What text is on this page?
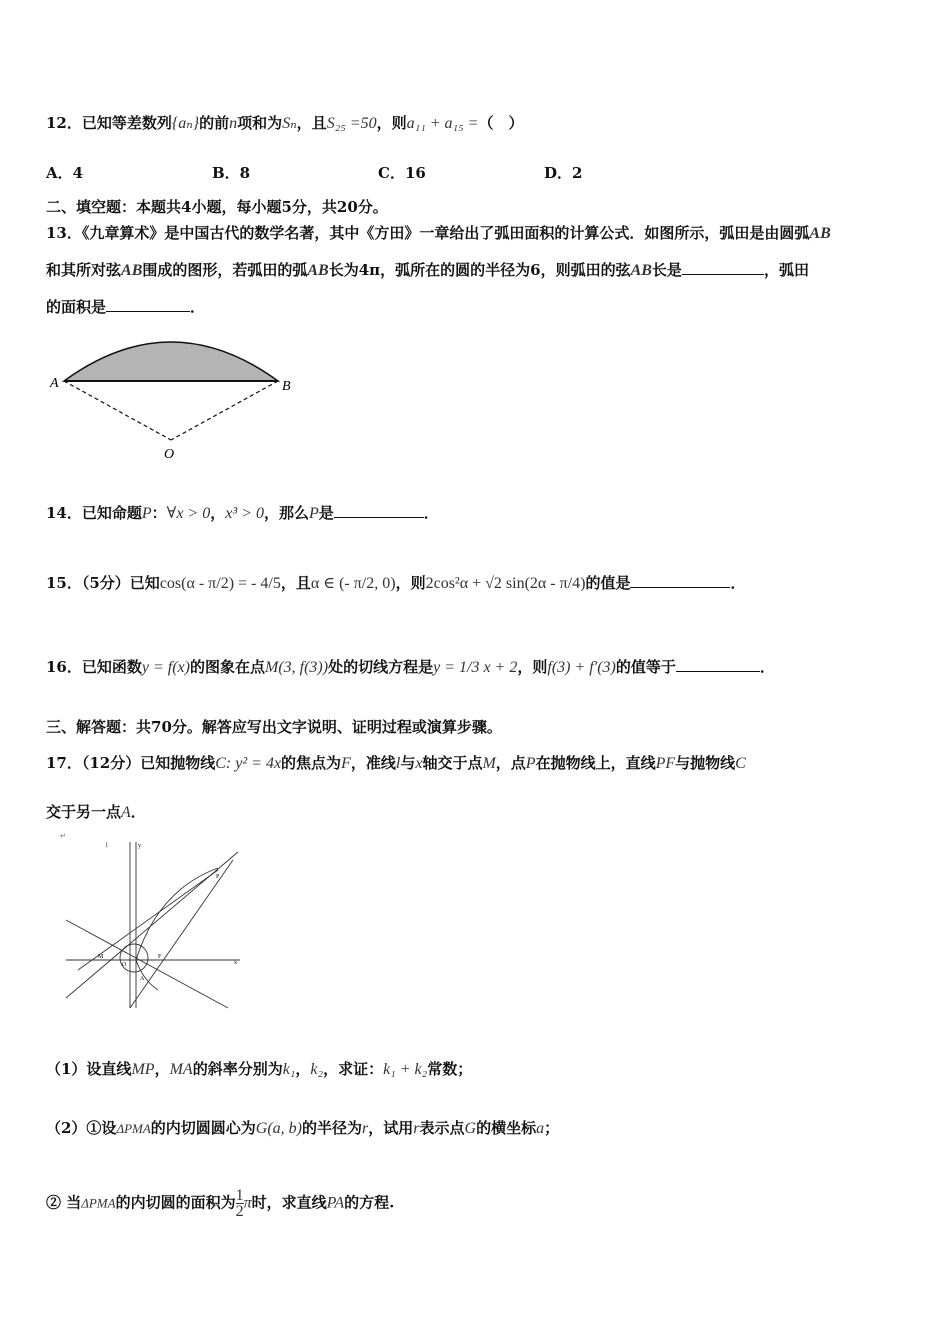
12．已知等差数列{aₙ}的前n项和为Sₙ，且S₂₅ =50，则a₁₁ + a₁₅ =（　）
A．4	B．8	C．16	D．2
二、填空题：本题共4小题，每小题5分，共20分。
13．《九章算术》是中国古代的数学名著，其中《方田》一章给出了弧田面积的计算公式．如图所示，弧田是由圆弧AB
和其所对弦AB围成的图形，若弧田的弧AB长为4π，弧所在的圆的半径为6，则弧田的弦AB长是	，弧田
的面积是	．
A	B
O
14．已知命题P：∀x > 0，x³ > 0，那么P是	．
15．（5分）已知cos(α - π/2) = - 4/5，且α ∈ (- π/2, 0)，则2cos²α + √2 sin(2α - π/4)的值是	．
16．已知函数y = f(x)的图象在点M(3, f(3))处的切线方程是y = 1/3 x + 2，则f(3) + f′(3)的值等于	．
三、解答题：共70分。解答应写出文字说明、证明过程或演算步骤。
17．（12分）已知抛物线C: y² = 4x的焦点为F，准线l与x轴交于点M，点P在抛物线上，直线PF与抛物线C
交于另一点A．
↵
l	y
x
M
O
F
A
P
（1）设直线MP，MA的斜率分别为k₁，k₂，求证：k₁ + k₂常数；
（2）①设ΔPMA的内切圆圆心为G(a, b)的半径为r，试用r表示点G的横坐标a；
② 当ΔPMA的内切圆的面积为 $\frac{1}{2}$ π时，求直线PA的方程.
